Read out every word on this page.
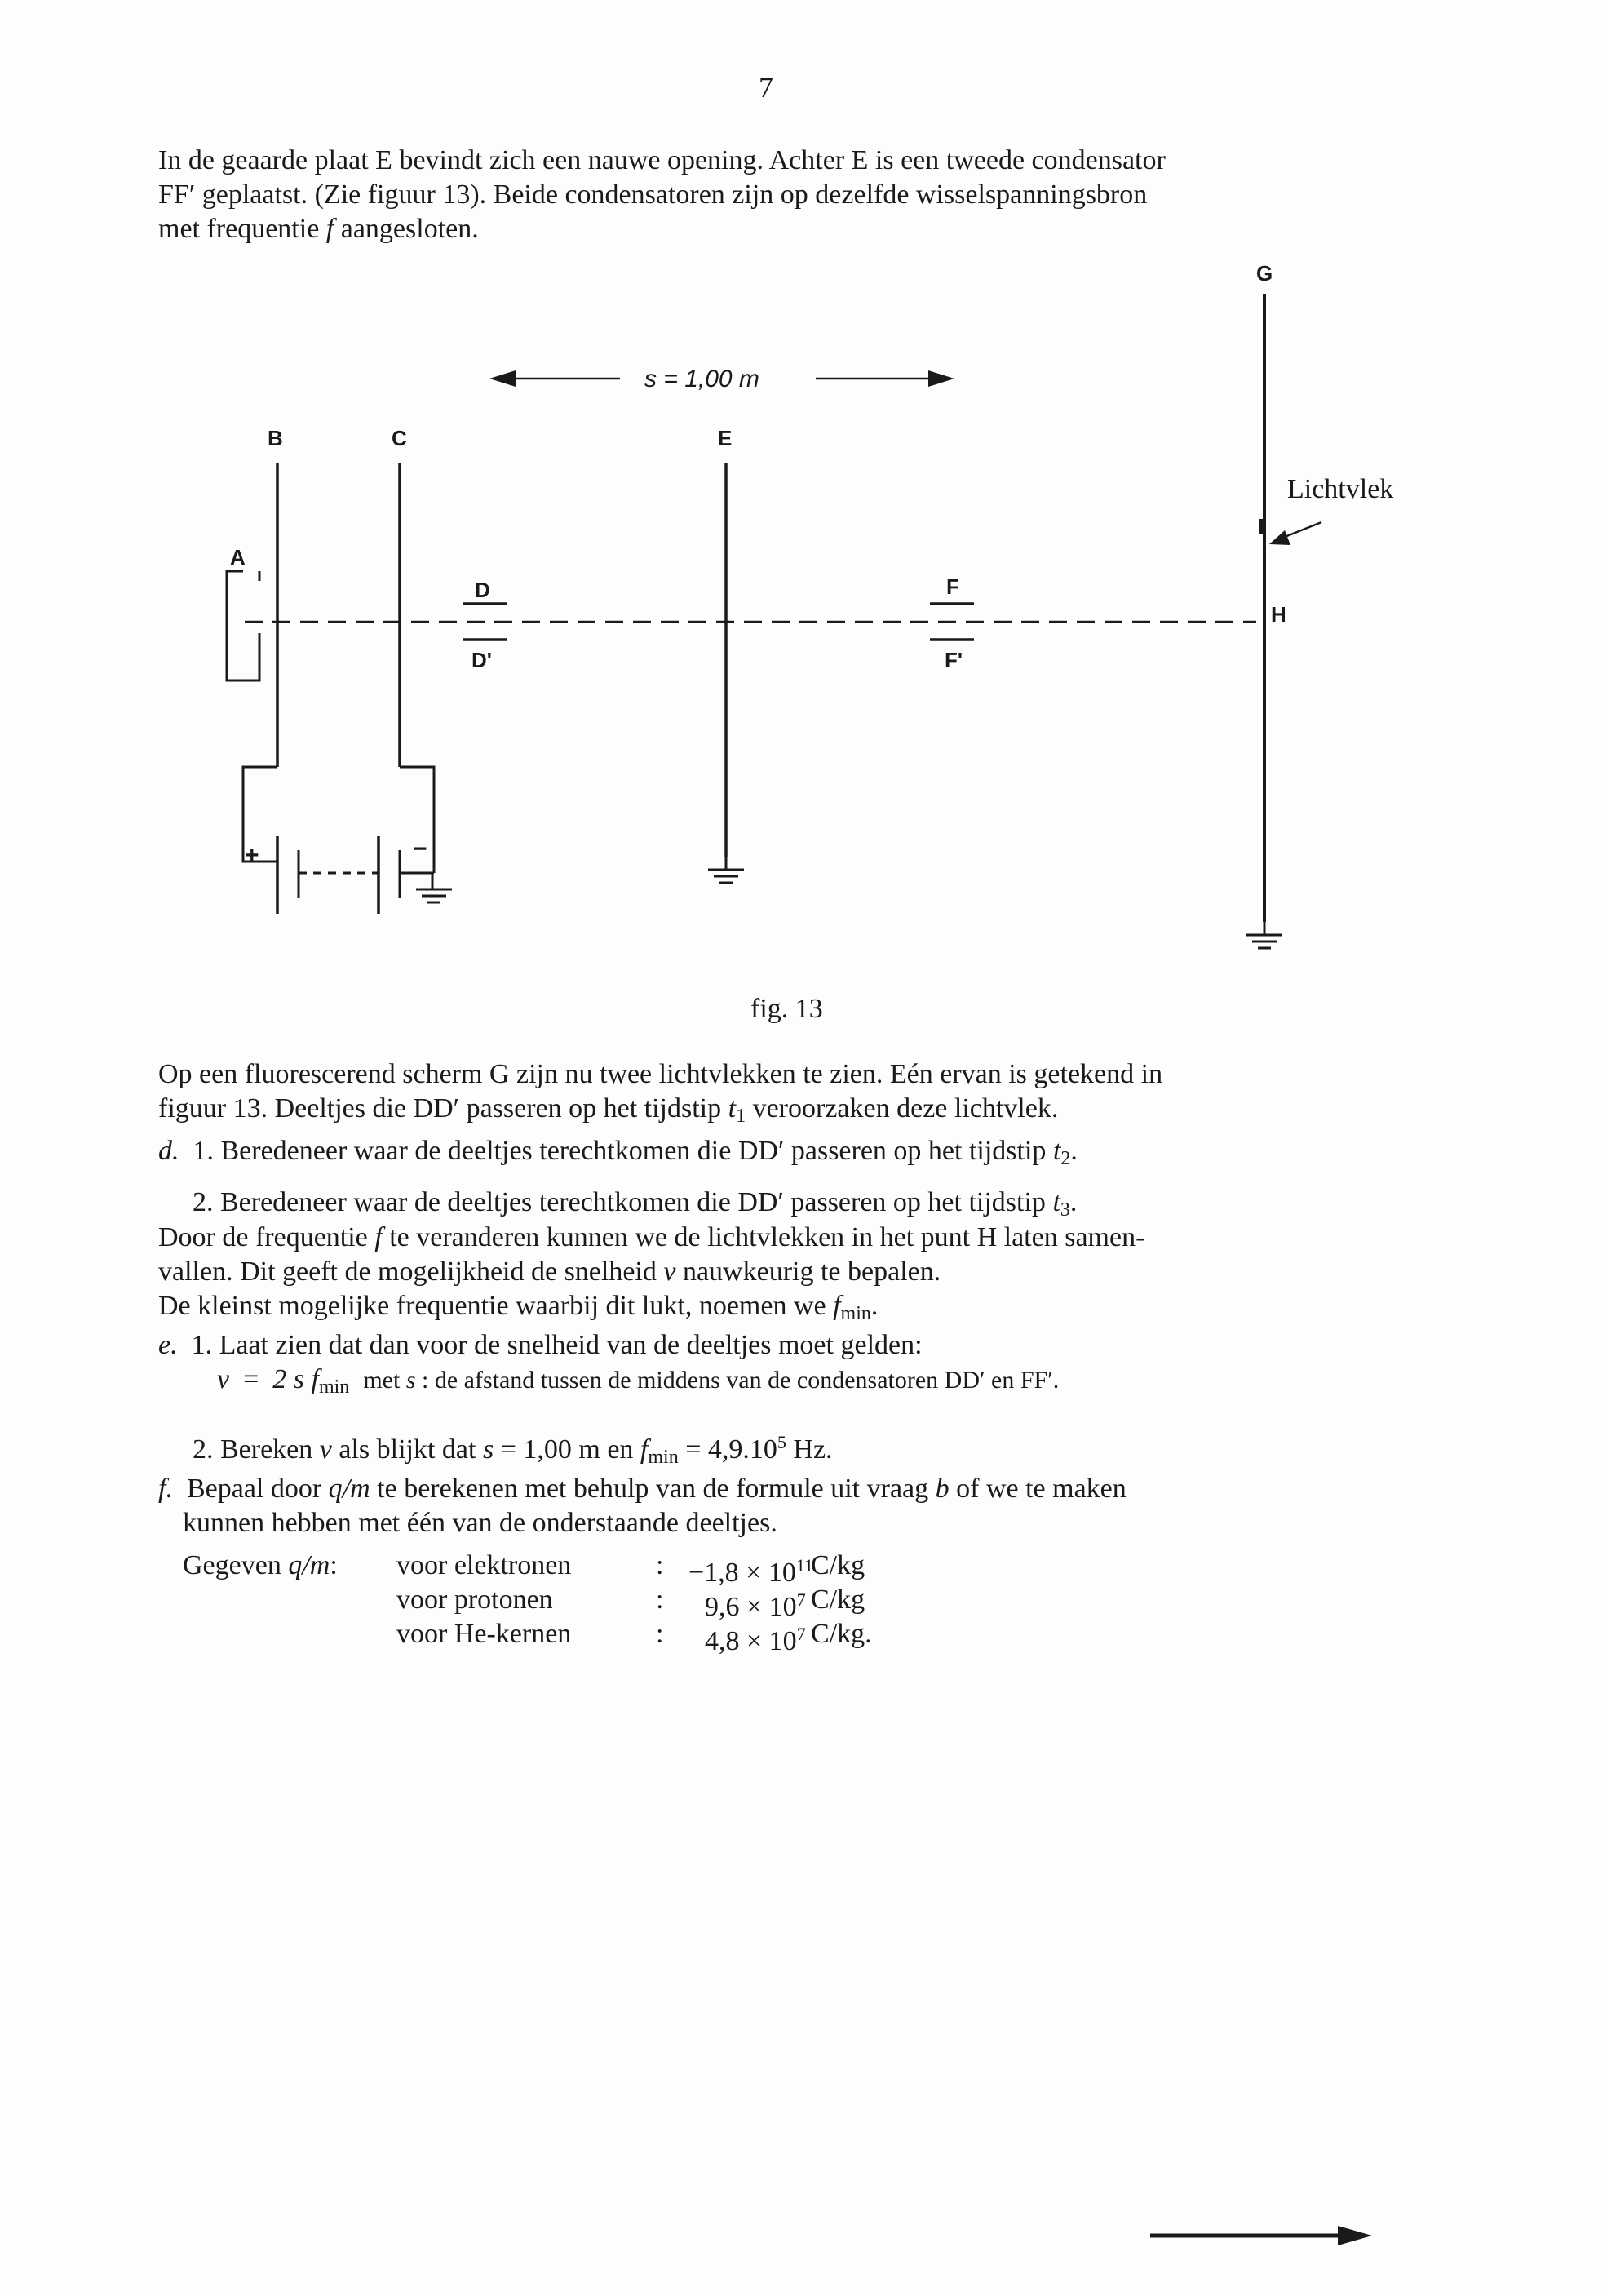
7
In de geaarde plaat E bevindt zich een nauwe opening. Achter E is een tweede condensator
FF′ geplaatst. (Zie figuur 13). Beide condensatoren zijn op dezelfde wisselspanningsbron
met frequentie f aangesloten.
A
B	C
D
D'
E
F
F'
G
H
+	−
Lichtvlek
s = 1,00 m
fig. 13
Op een fluorescerend scherm G zijn nu twee lichtvlekken te zien. Eén ervan is getekend in
figuur 13. Deeltjes die DD′ passeren op het tijdstip $t_1$ veroorzaken deze lichtvlek.
d. 1. Beredeneer waar de deeltjes terechtkomen die DD′ passeren op het tijdstip $t_2$.
2. Beredeneer waar de deeltjes terechtkomen die DD′ passeren op het tijdstip $t_3$.
Door de frequentie f te veranderen kunnen we de lichtvlekken in het punt H laten samen-
vallen. Dit geeft de mogelijkheid de snelheid v nauwkeurig te bepalen.
De kleinst mogelijke frequentie waarbij dit lukt, noemen we $f_{min}$.
e. 1. Laat zien dat dan voor de snelheid van de deeltjes moet gelden:
v = 2 s $f_{min}$ met s : de afstand tussen de middens van de condensatoren DD′ en FF′.
2. Bereken v als blijkt dat s = 1,00 m en $f_{min} = 4,9.10^5$ Hz.
f. Bepaal door q/m te berekenen met behulp van de formule uit vraag b of we te maken
kunnen hebben met één van de onderstaande deeltjes.
Gegeven q/m: voor elektronen	: $-1,8 \times 10^{11}$
C/kg
voor protonen	: $9,6 \times 10^7$ C/kg
voor He-kernen	: $4,8 \times 10^7$ C/kg.
